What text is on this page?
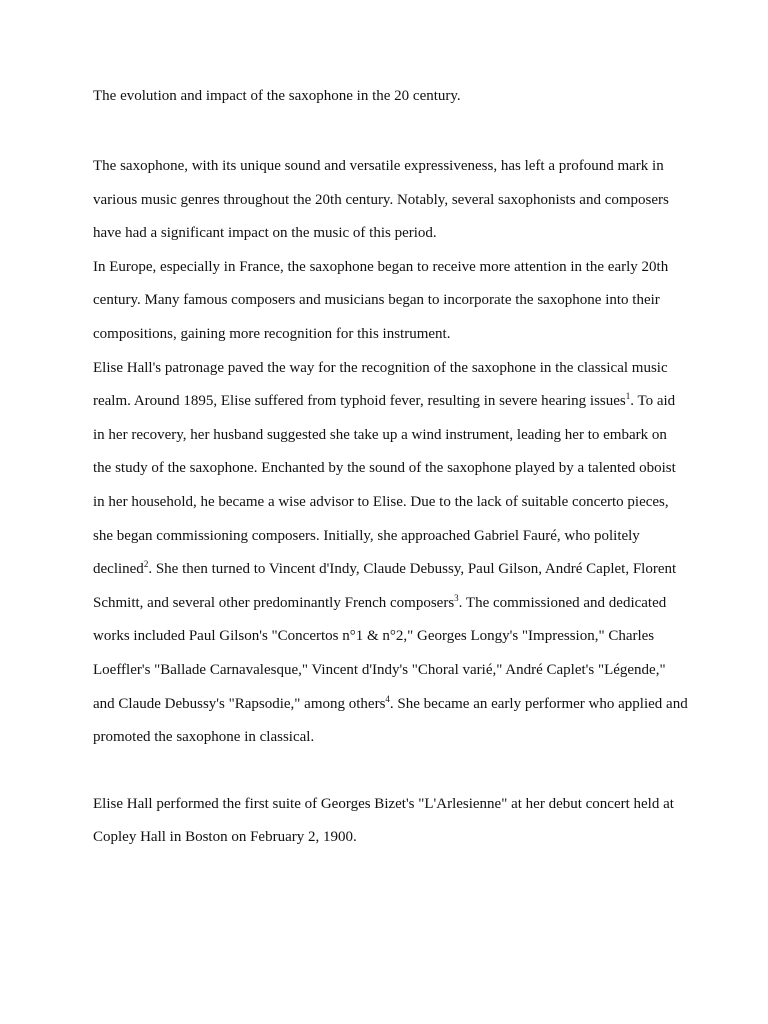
The evolution and impact of the saxophone in the 20 century.

The saxophone, with its unique sound and versatile expressiveness, has left a profound mark in various music genres throughout the 20th century. Notably, several saxophonists and composers have had a significant impact on the music of this period.

In Europe, especially in France, the saxophone began to receive more attention in the early 20th century. Many famous composers and musicians began to incorporate the saxophone into their compositions, gaining more recognition for this instrument.

Elise Hall's patronage paved the way for the recognition of the saxophone in the classical music realm. Around 1895, Elise suffered from typhoid fever, resulting in severe hearing issues$^1$. To aid in her recovery, her husband suggested she take up a wind instrument, leading her to embark on the study of the saxophone. Enchanted by the sound of the saxophone played by a talented oboist in her household, he became a wise advisor to Elise. Due to the lack of suitable concerto pieces, she began commissioning composers. Initially, she approached Gabriel Fauré, who politely declined$^2$. She then turned to Vincent d'Indy, Claude Debussy, Paul Gilson, André Caplet, Florent Schmitt, and several other predominantly French composers$^3$. The commissioned and dedicated works included Paul Gilson's "Concertos n°1 & n°2," Georges Longy's "Impression," Charles Loeffler's "Ballade Carnavalesque," Vincent d'Indy's "Choral varié," André Caplet's "Légende," and Claude Debussy's "Rapsodie," among others$^4$. She became an early performer who applied and promoted the saxophone in classical.

Elise Hall performed the first suite of Georges Bizet's "L'Arlesienne" at her debut concert held at Copley Hall in Boston on February 2, 1900.
